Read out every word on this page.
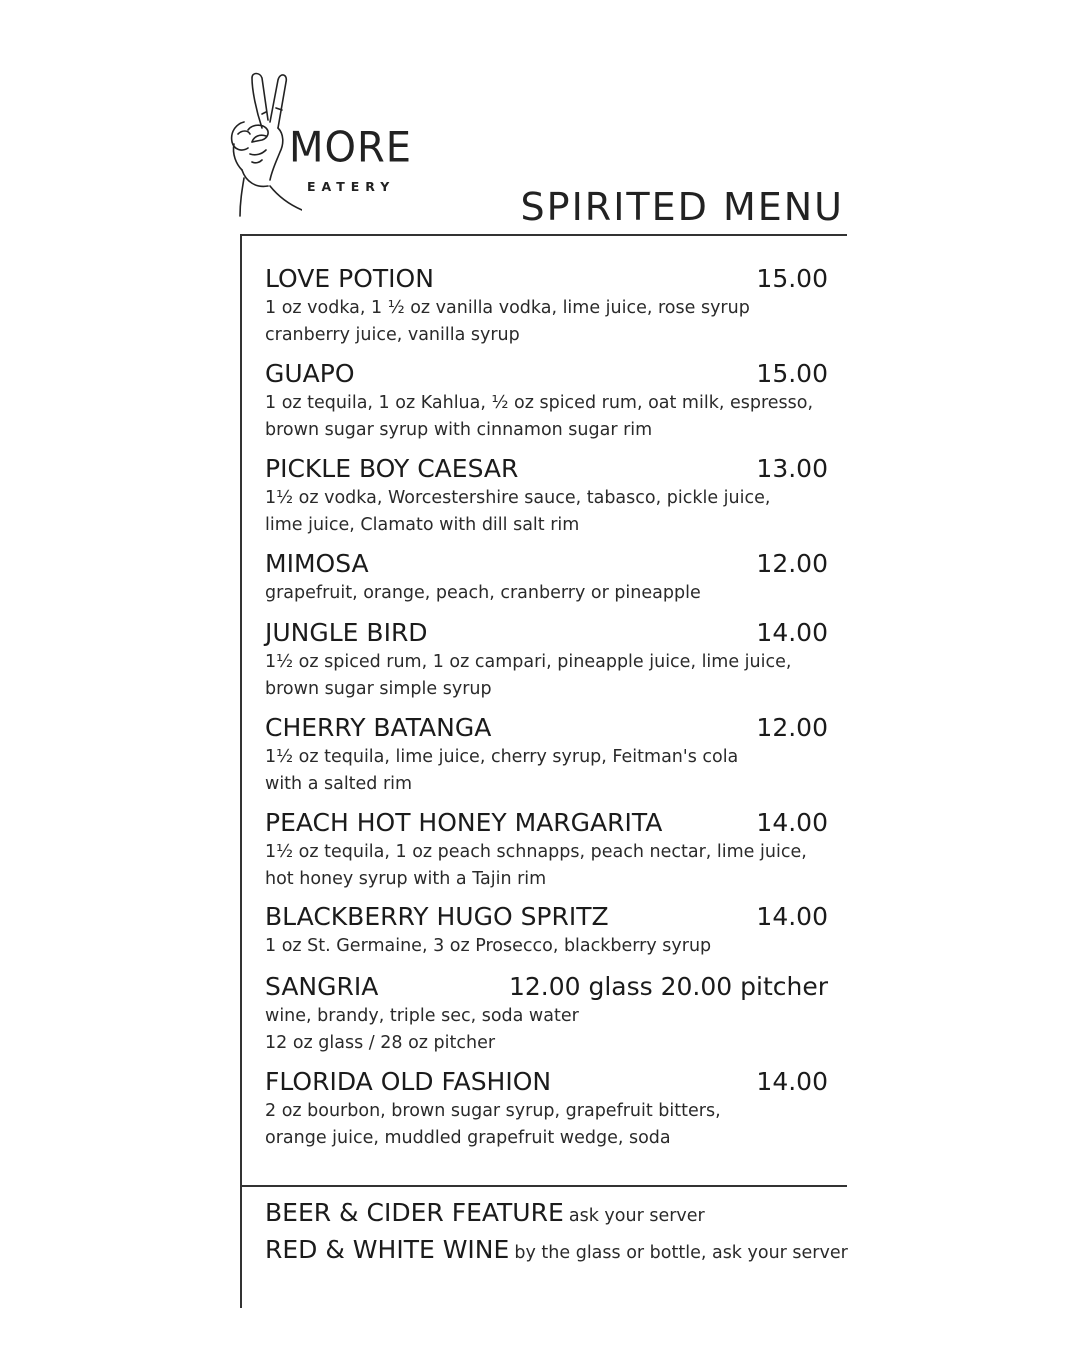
MORE
EATERY	SPIRITED MENU
LOVE POTION	15.00
1 oz vodka, 1 ½ oz vanilla vodka, lime juice, rose syrup
cranberry juice, vanilla syrup
GUAPO	15.00
1 oz tequila, 1 oz Kahlua, ½ oz spiced rum, oat milk, espresso,
brown sugar syrup with cinnamon sugar rim
PICKLE BOY CAESAR	13.00
1½ oz vodka, Worcestershire sauce, tabasco, pickle juice,
lime juice, Clamato with dill salt rim
MIMOSA	12.00
grapefruit, orange, peach, cranberry or pineapple
JUNGLE BIRD	14.00
1½ oz spiced rum, 1 oz campari, pineapple juice, lime juice,
brown sugar simple syrup
CHERRY BATANGA	12.00
1½ oz tequila, lime juice, cherry syrup, Feitman's cola
with a salted rim
PEACH HOT HONEY MARGARITA	14.00
1½ oz tequila, 1 oz peach schnapps, peach nectar, lime juice,
hot honey syrup with a Tajin rim
BLACKBERRY HUGO SPRITZ	14.00
1 oz St. Germaine, 3 oz Prosecco, blackberry syrup
SANGRIA	12.00 glass 20.00 pitcher
wine, brandy, triple sec, soda water
12 oz glass / 28 oz pitcher
FLORIDA OLD FASHION	14.00
2 oz bourbon, brown sugar syrup, grapefruit bitters,
orange juice, muddled grapefruit wedge, soda
BEER & CIDER FEATURE ask your server
RED & WHITE WINE by the glass or bottle, ask your server
